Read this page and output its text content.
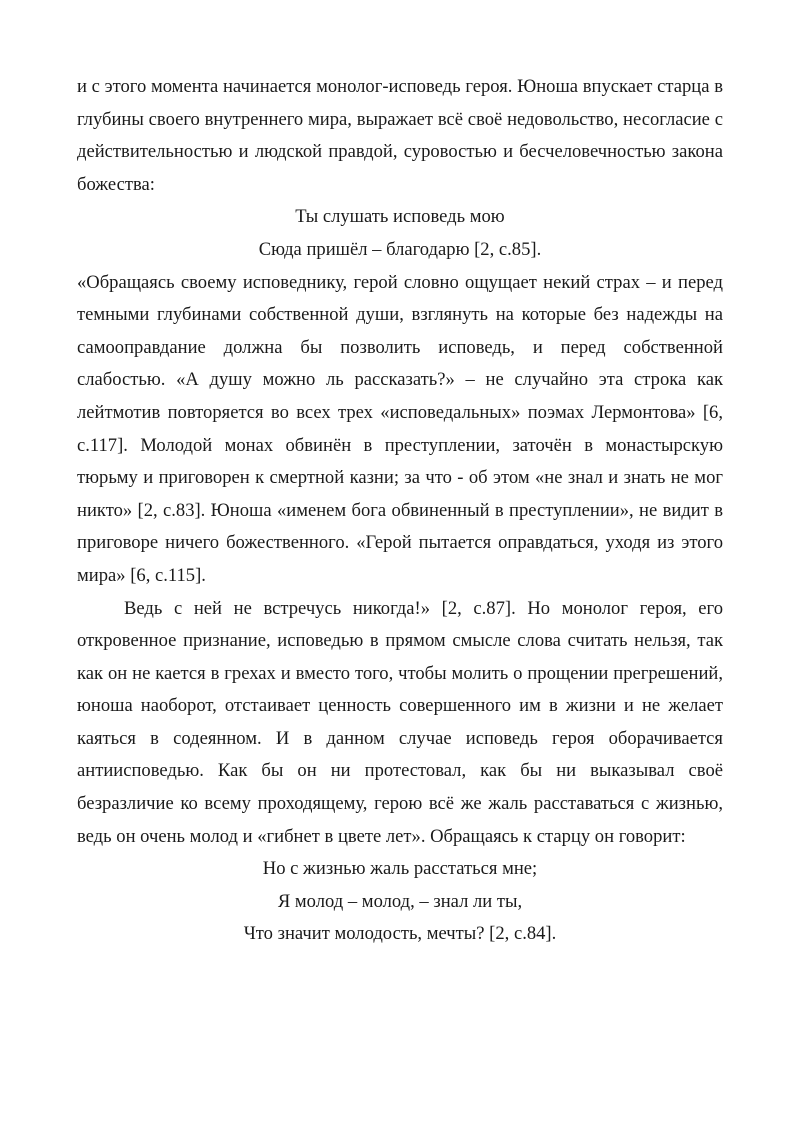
и с этого момента начинается монолог-исповедь героя. Юноша впускает старца в глубины своего внутреннего мира, выражает всё своё недовольство, несогласие с действительностью и людской правдой, суровостью и бесчеловечностью закона божества:

Ты слушать исповедь мою
Сюда пришёл – благодарю [2, с.85].

«Обращаясь своему исповеднику, герой словно ощущает некий страх – и перед темными глубинами собственной души, взглянуть на которые без надежды на самооправдание должна бы позволить исповедь, и перед собственной слабостью. «А душу можно ль рассказать?» – не случайно эта строка как лейтмотив повторяется во всех трех «исповедальных» поэмах Лермонтова» [6, с.117]. Молодой монах обвинён в преступлении, заточён в монастырскую тюрьму и приговорен к смертной казни; за что - об этом «не знал и знать не мог никто» [2, с.83]. Юноша «именем бога обвиненный в преступлении», не видит в приговоре ничего божественного. «Герой пытается оправдаться, уходя из этого мира» [6, с.115].

Ведь с ней не встречусь никогда!» [2, с.87]. Но монолог героя, его откровенное признание, исповедью в прямом смысле слова считать нельзя, так как он не кается в грехах и вместо того, чтобы молить о прощении прегрешений, юноша наоборот, отстаивает ценность совершенного им в жизни и не желает каяться в содеянном. И в данном случае исповедь героя оборачивается антиисповедью. Как бы он ни протестовал, как бы ни выказывал своё безразличие ко всему проходящему, герою всё же жаль расставаться с жизнью, ведь он очень молод и «гибнет в цвете лет». Обращаясь к старцу он говорит:

Но с жизнью жаль расстаться мне;
Я молод – молод, – знал ли ты,
Что значит молодость, мечты? [2, с.84].
